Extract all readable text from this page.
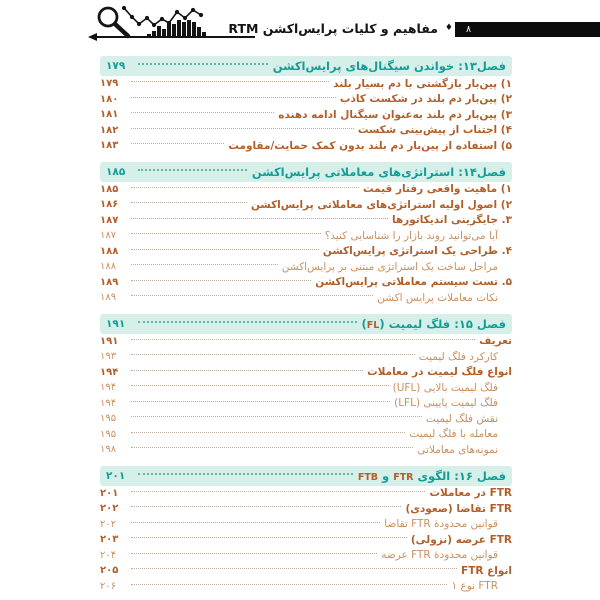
مفاهیم و کلیات پرایس‌اکشن RTM ♦	۸
فصل۱۳: خواندن سیگنال‌های پرایس‌اکشن
۱۷۹
۱) پین‌بار بازگشتی با دم بسیار بلند
۱۷۹
۲) پین‌بار دم بلند در شکست کاذب
۱۸۰
۳) پین‌بار دم بلند به‌عنوان سیگنال ادامه دهنده
۱۸۱
۴) اجتناب از پیش‌بینی شکست
۱۸۲
۵) استفاده از پین‌بار دم بلند بدون کمک حمایت/مقاومت
۱۸۳
فصل۱۴: استراتژی‌های معاملاتی پرایس‌اکشن
۱۸۵
۱) ماهیت واقعی رفتار قیمت
۱۸۵
۲) اصول اولیه استراتژی‌های معاملاتی پرایس‌اکشن
۱۸۶
۳. جایگزینی اندیکاتورها
۱۸۷
آیا می‌توانید روند بازار را شناسایی کنید؟
۱۸۷
۴. طراحی یک استراتژی پرایس‌اکشن
۱۸۸
مراحل ساخت یک استراتژی مبتنی بر پرایس‌اکشن
۱۸۸
۵. تست سیستم معاملاتی پرایس‌اکشن
۱۸۹
نکات معاملات پرایس اکشن
۱۸۹
فصل ۱۵: فلگ لیمیت (FL)
۱۹۱
تعریف
۱۹۱
کارکرد فلگ لیمیت
۱۹۳
انواع فلگ لیمیت در معاملات
۱۹۴
فلگ لیمیت بالایی (UFL)
۱۹۴
فلگ لیمیت پایینی (LFL)
۱۹۴
نقش فلگ لیمیت
۱۹۵
معامله با فلگ لیمیت
۱۹۵
نمونه‌های معاملاتی
۱۹۸
فصل ۱۶: الگوی FTR و FTB
۲۰۱
FTR در معاملات
۲۰۱
FTR تقاضا (صعودی)
۲۰۲
قوانین محدودۀ FTR تقاضا
۲۰۲
FTR عرضه (نزولی)
۲۰۳
قوانین محدودۀ FTR عرضه
۲۰۴
انواع FTR
۲۰۵
FTR نوع ۱
۲۰۶
